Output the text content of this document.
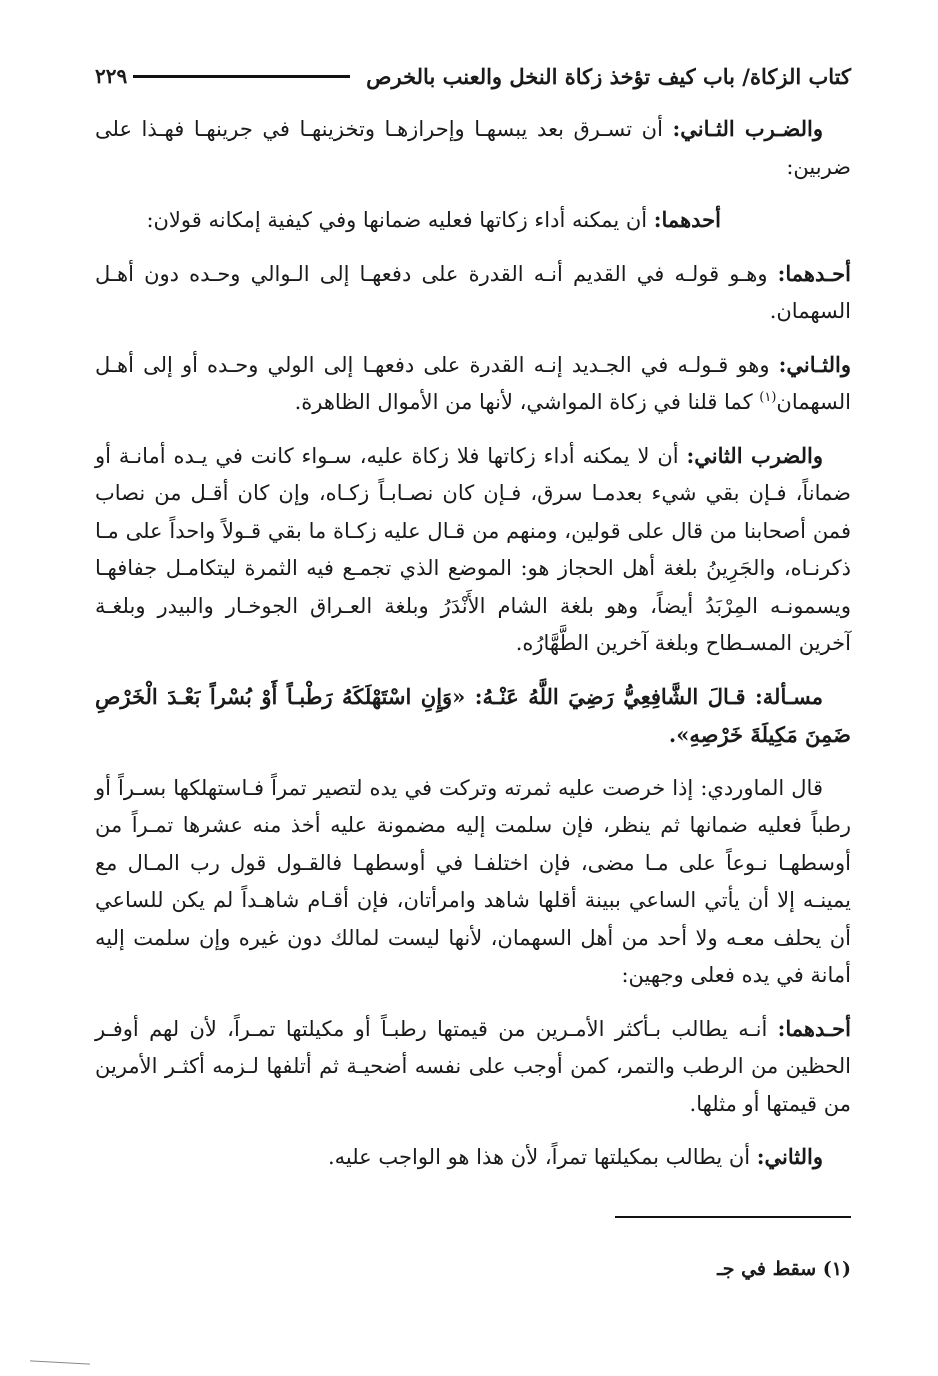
كتاب الزكاة/ باب كيف تؤخذ زكاة النخل والعنب بالخرص
٢٢٩

والضـرب الثـاني: أن تسـرق بعد يبسهـا وإحرازهـا وتخزينهـا في جرينهـا فهـذا على ضربين:

أحدهما: أن يمكنه أداء زكاتها فعليه ضمانها وفي كيفية إمكانه قولان:

أحـدهما: وهـو قولـه في القديم أنـه القدرة على دفعهـا إلى الـوالي وحـده دون أهـل السهمان.

والثـاني: وهو قـولـه في الجـديد إنـه القدرة على دفعهـا إلى الولي وحـده أو إلى أهـل السهمان$^{(١)}$ كما قلنا في زكاة المواشي، لأنها من الأموال الظاهرة.

والضرب الثاني: أن لا يمكنه أداء زكاتها فلا زكاة عليه، سـواء كانت في يـده أمانـة أو ضماناً، فـإن بقي شيء بعدمـا سرق، فـإن كان نصـابـاً زكـاه، وإن كان أقـل من نصاب فمن أصحابنا من قال على قولين، ومنهم من قـال عليه زكـاة ما بقي قـولاً واحداً على مـا ذكرنـاه، والجَرِينُ بلغة أهل الحجاز هو: الموضع الذي تجمـع فيه الثمرة ليتكامـل جفافهـا ويسمونـه المِرْبَدُ أيضاً، وهو بلغة الشام الأَنْدَرُ وبلغة العـراق الجوخـار والبيدر وبلغـة آخرين المسـطاح وبلغة آخرين الطَّهَّارُه.

مسـألة: قـالَ الشَّافِعِيُّ رَضِيَ اللَّهُ عَنْـهُ: «وَإِنِ اسْتَهْلَكَهُ رَطْبـاً أَوْ بُسْراً بَعْـدَ الْخَرْصِ ضَمِنَ مَكِيلَةَ خَرْصِهِ».

قال الماوردي: إذا خرصت عليه ثمرته وتركت في يده لتصير تمراً فـاستهلكها بسـراً أو رطباً فعليه ضمانها ثم ينظر، فإن سلمت إليه مضمونة عليه أخذ منه عشرها تمـراً من أوسطهـا نـوعاً على مـا مضى، فإن اختلفـا في أوسطهـا فالقـول قول رب المـال مع يمينـه إلا أن يأتي الساعي ببينة أقلها شاهد وامرأتان، فإن أقـام شاهـداً لم يكن للساعي أن يحلف معـه ولا أحد من أهل السهمان، لأنها ليست لمالك دون غيره وإن سلمت إليه أمانة في يده فعلى وجهين:

أحـدهما: أنـه يطالب بـأكثر الأمـرين من قيمتها رطبـاً أو مكيلتها تمـراً، لأن لهم أوفـر الحظين من الرطب والتمر، كمن أوجب على نفسه أضحيـة ثم أتلفها لـزمه أكثـر الأمرين من قيمتها أو مثلها.

والثاني: أن يطالب بمكيلتها تمراً، لأن هذا هو الواجب عليه.

(١) سقط في جـ
